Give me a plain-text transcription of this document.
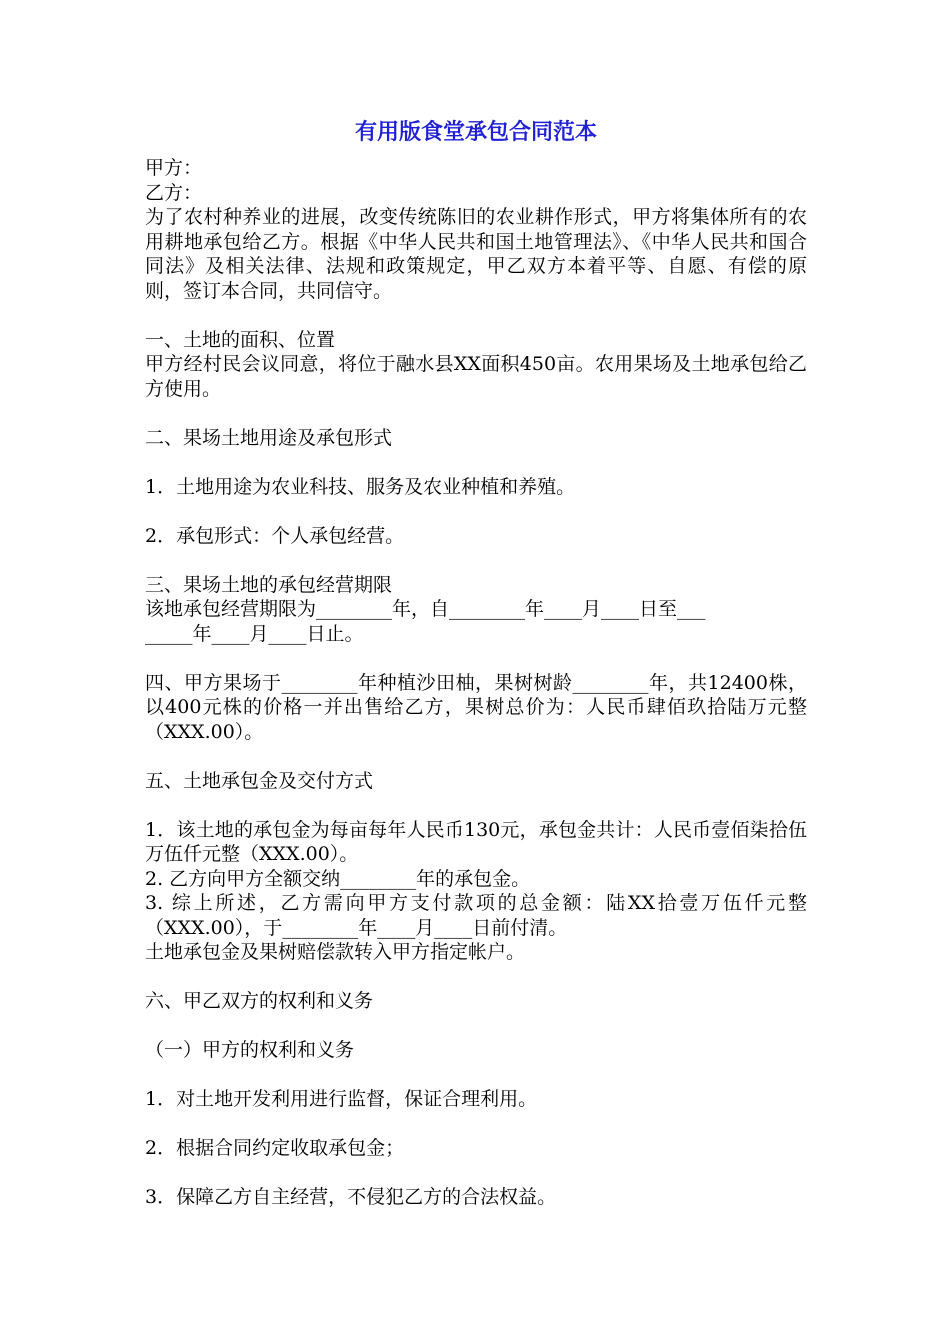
有用版食堂承包合同范本

甲方：

乙方：

为了农村种养业的进展，改变传统陈旧的农业耕作形式，甲方将集体所有的农用耕地承包给乙方。根据《中华人民共和国土地管理法》、《中华人民共和国合同法》及相关法律、法规和政策规定，甲乙双方本着平等、自愿、有偿的原则，签订本合同，共同信守。

一、土地的面积、位置

甲方经村民会议同意，将位于融水县XX面积450亩。农用果场及土地承包给乙方使用。

二、果场土地用途及承包形式

1．土地用途为农业科技、服务及农业种植和养殖。

2．承包形式：个人承包经营。

三、果场土地的承包经营期限

该地承包经营期限为________年，自________年____月____日至___

_____年____月____日止。

四、甲方果场于________年种植沙田柚，果树树龄________年，共12400株，以400元株的价格一并出售给乙方，果树总价为：人民币肆佰玖拾陆万元整（XXX.00）。

五、土地承包金及交付方式

1．该土地的承包金为每亩每年人民币130元，承包金共计：人民币壹佰柒拾伍万伍仟元整（XXX.00）。

2. 乙方向甲方全额交纳________年的承包金。

3. 综上所述，乙方需向甲方支付款项的总金额：陆XX拾壹万伍仟元整（XXX.00），于________年____月____日前付清。

土地承包金及果树赔偿款转入甲方指定帐户。

六、甲乙双方的权利和义务

（一）甲方的权利和义务

1．对土地开发利用进行监督，保证合理利用。

2．根据合同约定收取承包金；

3．保障乙方自主经营，不侵犯乙方的合法权益。
